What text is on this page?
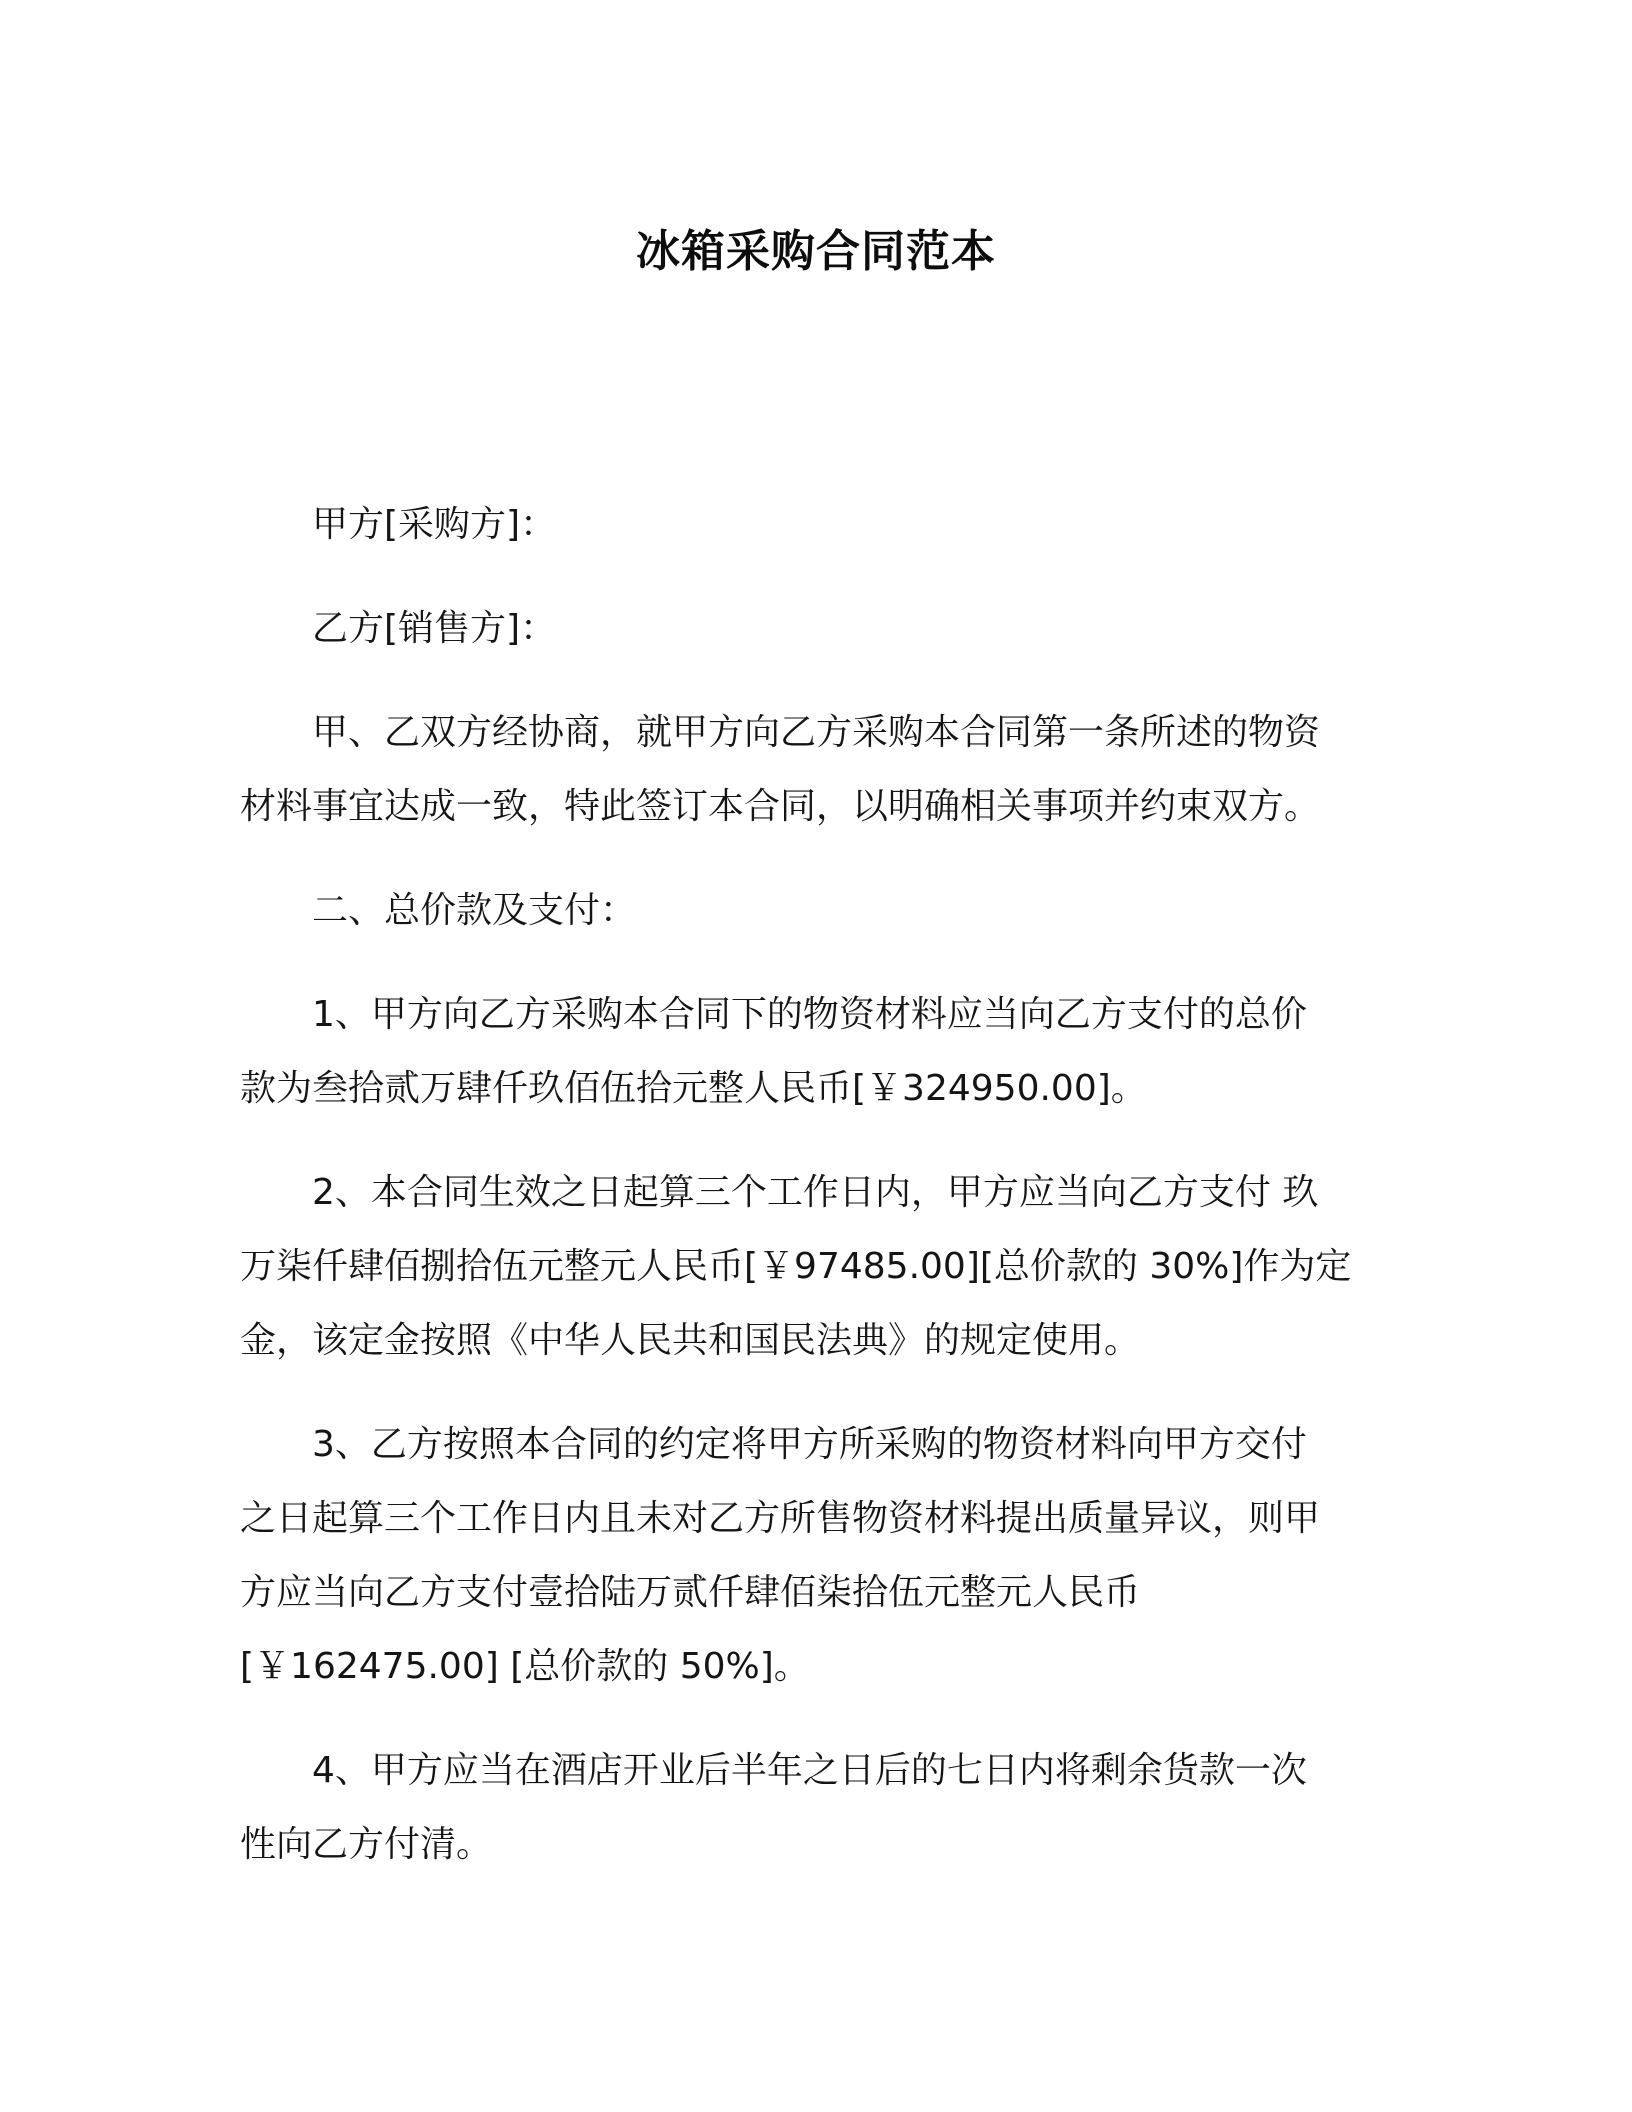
冰箱采购合同范本
甲方[采购方]：
乙方[销售方]：
甲、乙双方经协商，就甲方向乙方采购本合同第一条所述的物资
材料事宜达成一致，特此签订本合同，以明确相关事项并约束双方。
二、总价款及支付：
1、甲方向乙方采购本合同下的物资材料应当向乙方支付的总价
款为叁拾贰万肆仟玖佰伍拾元整人民币[￥324950.00]。
2、本合同生效之日起算三个工作日内，甲方应当向乙方支付 玖
万柒仟肆佰捌拾伍元整元人民币[￥97485.00][总价款的 30%]作为定
金，该定金按照《中华人民共和国民法典》的规定使用。
3、乙方按照本合同的约定将甲方所采购的物资材料向甲方交付
之日起算三个工作日内且未对乙方所售物资材料提出质量异议，则甲
方应当向乙方支付壹拾陆万贰仟肆佰柒拾伍元整元人民币
[￥162475.00] [总价款的 50%]。
4、甲方应当在酒店开业后半年之日后的七日内将剩余货款一次
性向乙方付清。
